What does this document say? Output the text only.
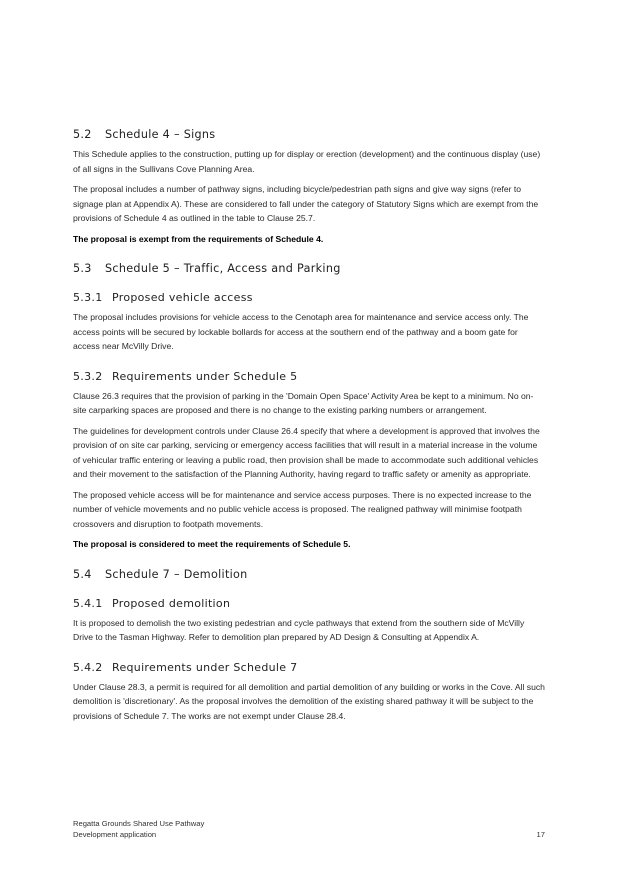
5.2 Schedule 4 – Signs

This Schedule applies to the construction, putting up for display or erection (development) and the continuous display (use) of all signs in the Sullivans Cove Planning Area.

The proposal includes a number of pathway signs, including bicycle/pedestrian path signs and give way signs (refer to signage plan at Appendix A). These are considered to fall under the category of Statutory Signs which are exempt from the provisions of Schedule 4 as outlined in the table to Clause 25.7.

The proposal is exempt from the requirements of Schedule 4.

5.3 Schedule 5 – Traffic, Access and Parking
5.3.1 Proposed vehicle access

The proposal includes provisions for vehicle access to the Cenotaph area for maintenance and service access only. The access points will be secured by lockable bollards for access at the southern end of the pathway and a boom gate for access near McVilly Drive.

5.3.2 Requirements under Schedule 5

Clause 26.3 requires that the provision of parking in the 'Domain Open Space' Activity Area be kept to a minimum. No on-site carparking spaces are proposed and there is no change to the existing parking numbers or arrangement.

The guidelines for development controls under Clause 26.4 specify that where a development is approved that involves the provision of on site car parking, servicing or emergency access facilities that will result in a material increase in the volume of vehicular traffic entering or leaving a public road, then provision shall be made to accommodate such additional vehicles and their movement to the satisfaction of the Planning Authority, having regard to traffic safety or amenity as appropriate.

The proposed vehicle access will be for maintenance and service access purposes. There is no expected increase to the number of vehicle movements and no public vehicle access is proposed. The realigned pathway will minimise footpath crossovers and disruption to footpath movements.

The proposal is considered to meet the requirements of Schedule 5.

5.4 Schedule 7 – Demolition
5.4.1 Proposed demolition

It is proposed to demolish the two existing pedestrian and cycle pathways that extend from the southern side of McVilly Drive to the Tasman Highway. Refer to demolition plan prepared by AD Design & Consulting at Appendix A.

5.4.2 Requirements under Schedule 7

Under Clause 28.3, a permit is required for all demolition and partial demolition of any building or works in the Cove. All such demolition is 'discretionary'. As the proposal involves the demolition of the existing shared pathway it will be subject to the provisions of Schedule 7. The works are not exempt under Clause 28.4.

Regatta Grounds Shared Use Pathway
Development application	17
